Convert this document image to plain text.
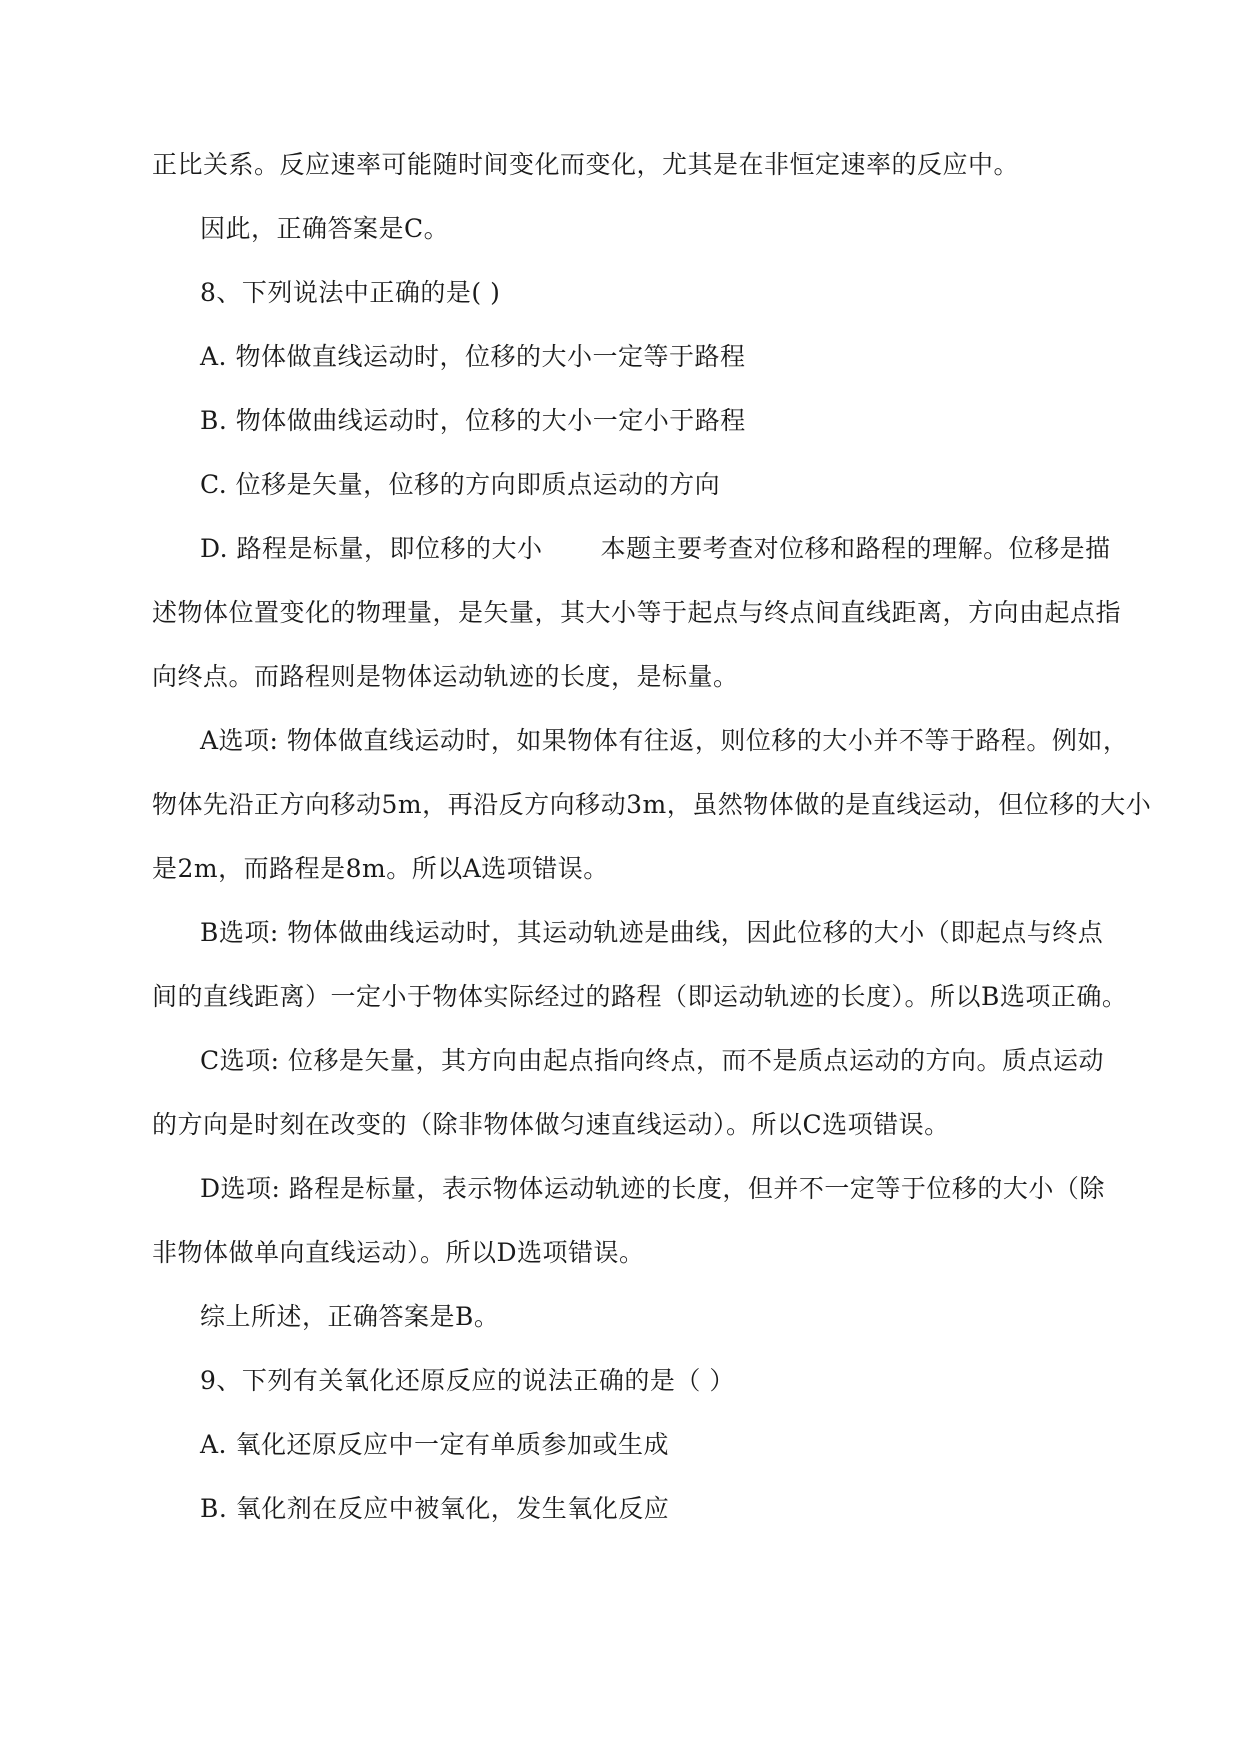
正比关系。反应速率可能随时间变化而变化，尤其是在非恒定速率的反应中。
因此，正确答案是C。
8、下列说法中正确的是( )
A. 物体做直线运动时，位移的大小一定等于路程
B. 物体做曲线运动时，位移的大小一定小于路程
C. 位移是矢量，位移的方向即质点运动的方向
D. 路程是标量，即位移的大小 本题主要考查对位移和路程的理解。位移是描
述物体位置变化的物理量，是矢量，其大小等于起点与终点间直线距离，方向由起点指
向终点。而路程则是物体运动轨迹的长度，是标量。
A选项: 物体做直线运动时，如果物体有往返，则位移的大小并不等于路程。例如，
物体先沿正方向移动5m，再沿反方向移动3m，虽然物体做的是直线运动，但位移的大小
是2m，而路程是8m。所以A选项错误。
B选项: 物体做曲线运动时，其运动轨迹是曲线，因此位移的大小（即起点与终点
间的直线距离）一定小于物体实际经过的路程（即运动轨迹的长度）。所以B选项正确。
C选项: 位移是矢量，其方向由起点指向终点，而不是质点运动的方向。质点运动
的方向是时刻在改变的（除非物体做匀速直线运动）。所以C选项错误。
D选项: 路程是标量，表示物体运动轨迹的长度，但并不一定等于位移的大小（除
非物体做单向直线运动）。所以D选项错误。
综上所述，正确答案是B。
9、下列有关氧化还原反应的说法正确的是（ ）
A. 氧化还原反应中一定有单质参加或生成
B. 氧化剂在反应中被氧化，发生氧化反应
